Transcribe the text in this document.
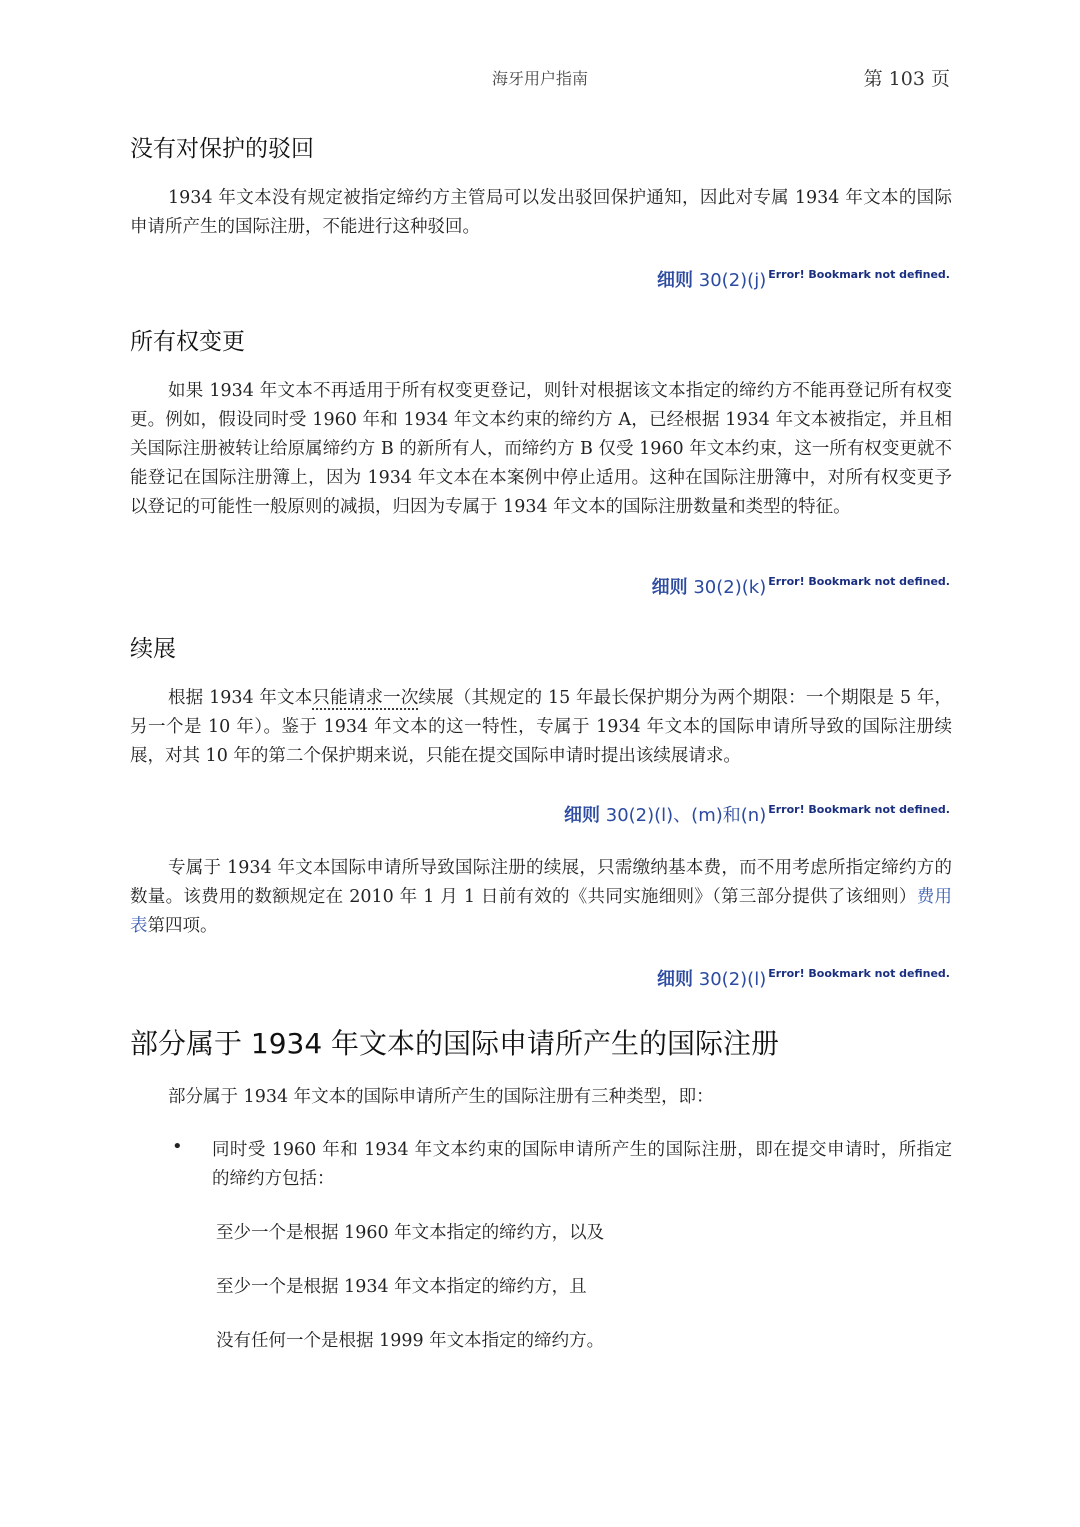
海牙用户指南	第 103 页
没有对保护的驳回

1934 年文本没有规定被指定缔约方主管局可以发出驳回保护通知，因此对专属 1934 年文本的国际申请所产生的国际注册，不能进行这种驳回。

细则 30(2)(j) $^{Error! Bookmark not defined.}$

所有权变更

如果 1934 年文本不再适用于所有权变更登记，则针对根据该文本指定的缔约方不能再登记所有权变更。例如，假设同时受 1960 年和 1934 年文本约束的缔约方 A，已经根据 1934 年文本被指定，并且相关国际注册被转让给原属缔约方 B 的新所有人，而缔约方 B 仅受 1960 年文本约束，这一所有权变更就不能登记在国际注册簿上，因为 1934 年文本在本案例中停止适用。这种在国际注册簿中，对所有权变更予以登记的可能性一般原则的减损，归因为专属于 1934 年文本的国际注册数量和类型的特征。

细则 30(2)(k) $^{Error! Bookmark not defined.}$

续展

根据 1934 年文本只能请求一次续展（其规定的 15 年最长保护期分为两个期限：一个期限是 5 年，另一个是 10 年）。鉴于 1934 年文本的这一特性，专属于 1934 年文本的国际申请所导致的国际注册续展，对其 10 年的第二个保护期来说，只能在提交国际申请时提出该续展请求。

细则 30(2)(l)、(m)和(n) $^{Error! Bookmark not defined.}$

专属于 1934 年文本国际申请所导致国际注册的续展，只需缴纳基本费，而不用考虑所指定缔约方的数量。该费用的数额规定在 2010 年 1 月 1 日前有效的《共同实施细则》（第三部分提供了该细则）费用表第四项。

细则 30(2)(l) $^{Error! Bookmark not defined.}$

部分属于 1934 年文本的国际申请所产生的国际注册

部分属于 1934 年文本的国际申请所产生的国际注册有三种类型，即：

• 同时受 1960 年和 1934 年文本约束的国际申请所产生的国际注册，即在提交申请时，所指定的缔约方包括：

至少一个是根据 1960 年文本指定的缔约方，以及

至少一个是根据 1934 年文本指定的缔约方，且

没有任何一个是根据 1999 年文本指定的缔约方。
